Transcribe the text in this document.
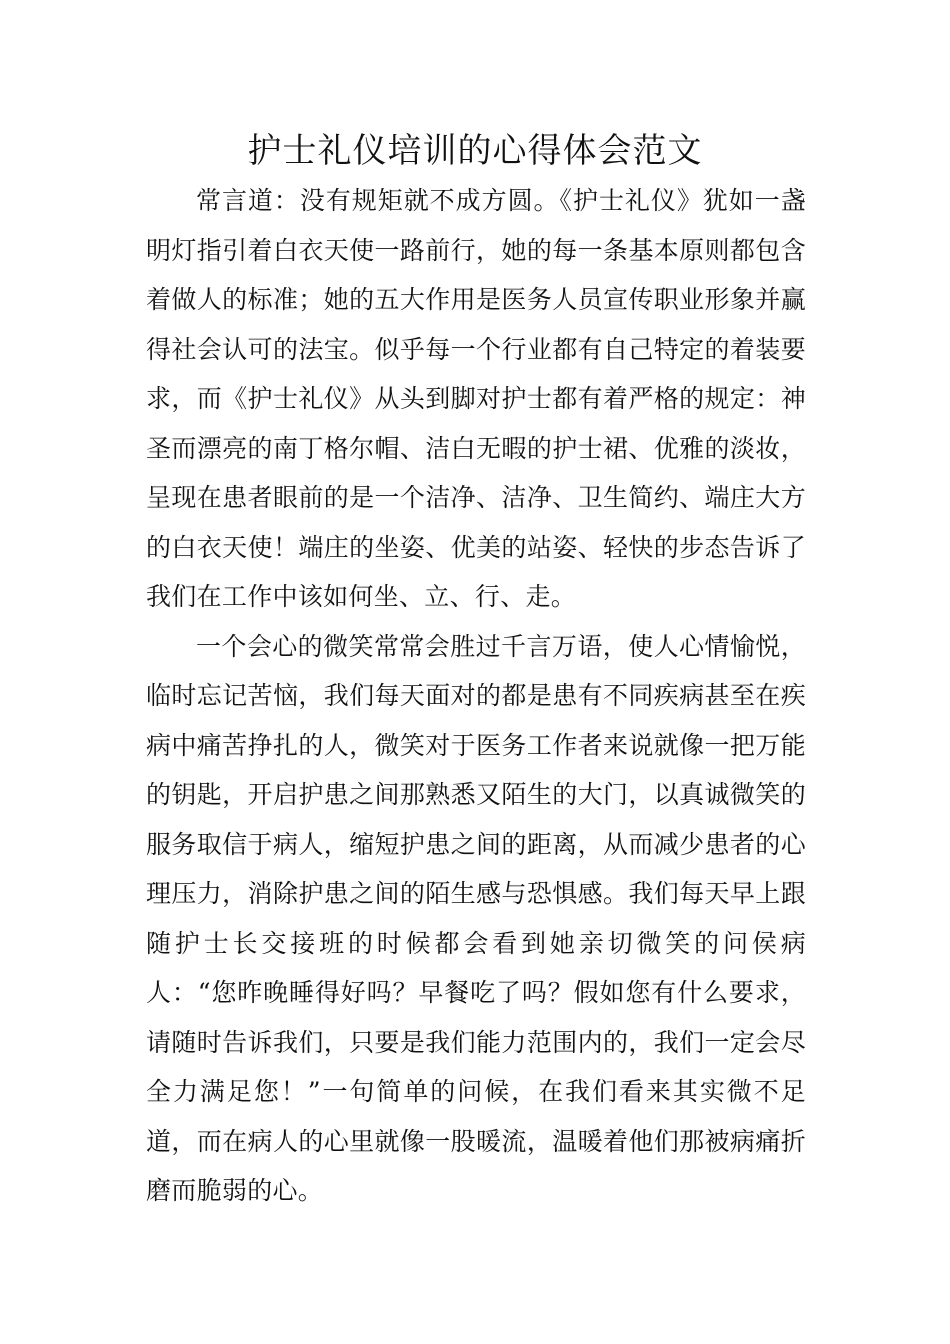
护士礼仪培训的心得体会范文

常言道：没有规矩就不成方圆。《护士礼仪》犹如一盏明灯指引着白衣天使一路前行，她的每一条基本原则都包含着做人的标准；她的五大作用是医务人员宣传职业形象并赢得社会认可的法宝。似乎每一个行业都有自己特定的着装要求，而《护士礼仪》从头到脚对护士都有着严格的规定：神圣而漂亮的南丁格尔帽、洁白无暇的护士裙、优雅的淡妆，呈现在患者眼前的是一个洁净、洁净、卫生简约、端庄大方的白衣天使！端庄的坐姿、优美的站姿、轻快的步态告诉了我们在工作中该如何坐、立、行、走。

一个会心的微笑常常会胜过千言万语，使人心情愉悦，临时忘记苦恼，我们每天面对的都是患有不同疾病甚至在疾病中痛苦挣扎的人，微笑对于医务工作者来说就像一把万能的钥匙，开启护患之间那熟悉又陌生的大门，以真诚微笑的服务取信于病人，缩短护患之间的距离，从而减少患者的心理压力，消除护患之间的陌生感与恐惧感。我们每天早上跟随护士长交接班的时候都会看到她亲切微笑的问侯病人：“您昨晚睡得好吗？早餐吃了吗？假如您有什么要求，请随时告诉我们，只要是我们能力范围内的，我们一定会尽全力满足您！”一句简单的问候，在我们看来其实微不足道，而在病人的心里就像一股暖流，温暖着他们那被病痛折磨而脆弱的心。
